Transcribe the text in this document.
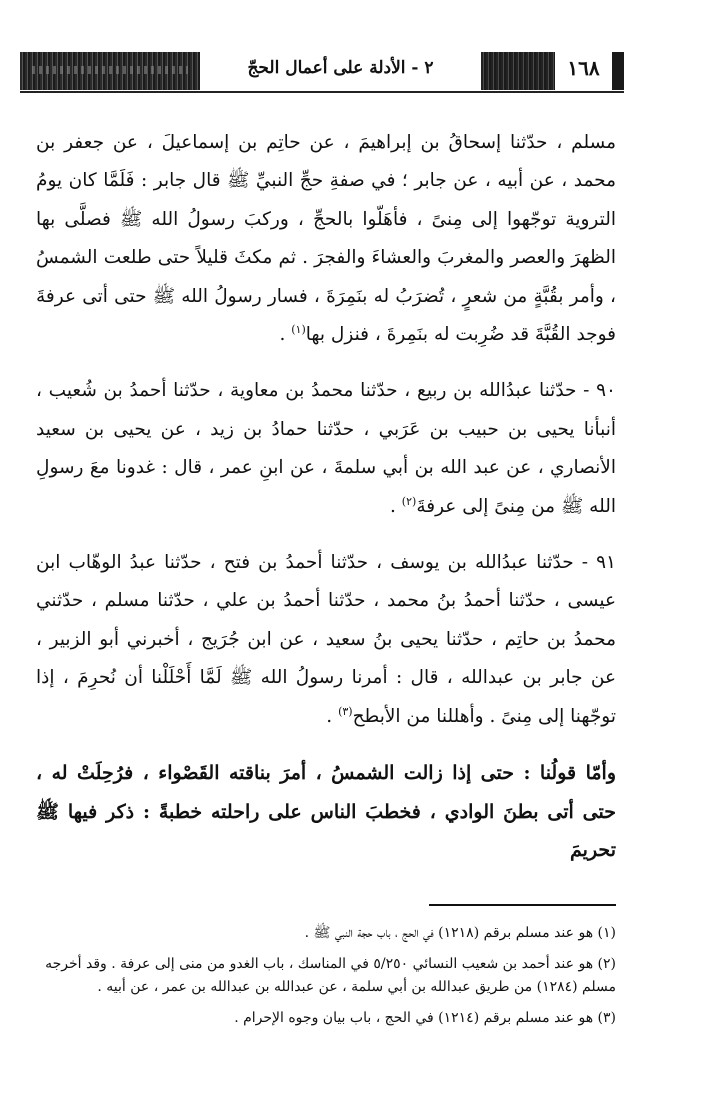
٢ - الأدلة على أعمال الحجّ	١٦٨

مسلم ، حدّثنا إسحاقُ بن إبراهيمَ ، عن حاتِم بن إسماعيلَ ، عن جعفر بن محمد ، عن أبيه ، عن جابر ؛ في صفةِ حجِّ النبيِّ ﷺ قال جابر : فَلَمَّا كان يومُ التروية توجّهوا إلى مِنىً ، فأهَلّوا بالحجِّ ، وركبَ رسولُ الله ﷺ فصلَّى بها الظهرَ والعصر والمغربَ والعشاءَ والفجرَ . ثم مكثَ قليلاً حتى طلعت الشمسُ ، وأمر بقُبَّةٍ من شعرٍ ، تُضرَبُ له بنَمِرَةَ ، فسار رسولُ الله ﷺ حتى أتى عرفةَ فوجد القُبَّةَ قد ضُرِبت له بنَمِرةَ ، فنزل بها$^{(١)}$ .

٩٠ - حدّثنا عبدُالله بن ربيع ، حدّثنا محمدُ بن معاوية ، حدّثنا أحمدُ بن شُعيب ، أنبأنا يحيى بن حبيب بن عَرَبي ، حدّثنا حمادُ بن زيد ، عن يحيى بن سعيد الأنصاري ، عن عبد الله بن أبي سلمةَ ، عن ابنِ عمر ، قال : غدونا معَ رسولِ الله ﷺ من مِنىً إلى عرفةَ$^{(٢)}$ .

٩١ - حدّثنا عبدُالله بن يوسف ، حدّثنا أحمدُ بن فتح ، حدّثنا عبدُ الوهّاب ابن عيسى ، حدّثنا أحمدُ بنُ محمد ، حدّثنا أحمدُ بن علي ، حدّثنا مسلم ، حدّثني محمدُ بن حاتِم ، حدّثنا يحيى بنُ سعيد ، عن ابن جُرَيج ، أخبرني أبو الزبير ، عن جابر بن عبدالله ، قال : أمرنا رسولُ الله ﷺ لَمَّا أَحْلَلْنا أن نُحرِمَ ، إذا توجّهنا إلى مِنىً . وأهللنا من الأبطح$^{(٣)}$ .

وأمّا قولُنا : حتى إذا زالت الشمسُ ، أمرَ بناقته القَصْواء ، فرُحِلَتْ له ، حتى أتى بطنَ الوادي ، فخطبَ الناس على راحلته خطبةً : ذكر فيها ﷺ تحريمَ

(١) هو عند مسلم برقم (١٢١٨) في الحج ، باب حجة النبي ﷺ .

(٢) هو عند أحمد بن شعيب النسائي ٥/٢٥٠ في المناسك ، باب الغدو من منى إلى عرفة . وقد أخرجه مسلم (١٢٨٤) من طريق عبدالله بن أبي سلمة ، عن عبدالله بن عبدالله بن عمر ، عن أبيه .

(٣) هو عند مسلم برقم (١٢١٤) في الحج ، باب بيان وجوه الإحرام .
